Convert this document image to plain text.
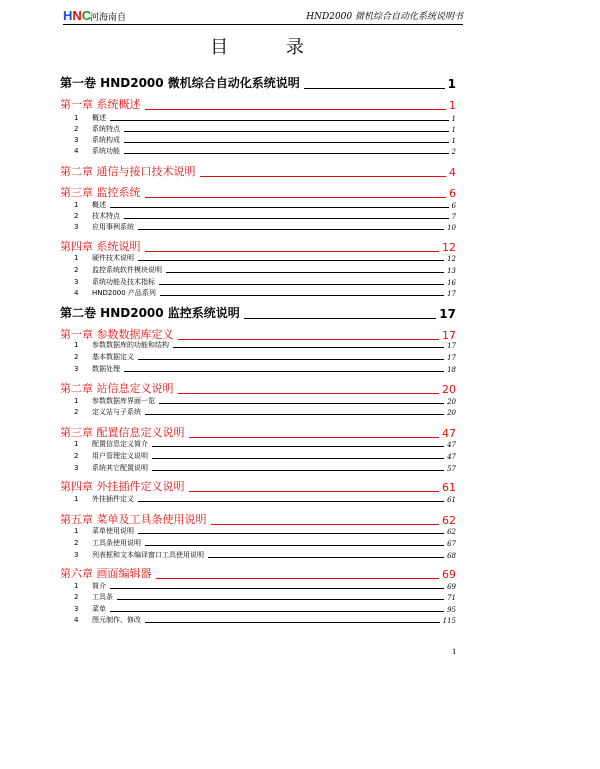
HNC
河海南自	HND2000 微机综合自动化系统说明书
目 录
第一卷 HND2000 微机综合自动化系统说明	1
第一章 系统概述	1
1 概述	1
2 系统特点	1
3 系统构成	1
4 系统功能	2
第二章 通信与接口技术说明	4
第三章 监控系统	6
1 概述	6
2 技术特点	7
3 应用事例系统	10
第四章 系统说明	12
1 硬件技术说明	12
2 监控系统软件模块说明	13
3 系统功能及技术指标	16
4 HND2000 产品系列	17
第二卷 HND2000 监控系统说明	17
第一章 参数数据库定义	17
1 参数数据库的功能和结构	17
2 基本数据定义	17
3 数据处理	18
第二章 站信息定义说明	20
1 参数数据库界面一览	20
2 定义站与子系统	20
第三章 配置信息定义说明	47
1 配置信息定义简介	47
2 用户管理定义说明	47
3 系统其它配置说明	57
第四章 外挂插件定义说明	61
1 外挂插件定义	61
第五章 菜单及工具条使用说明	62
1 菜单使用说明	62
2 工具条使用说明	67
3 列表框和文本编译窗口工具使用说明	68
第六章 画面编辑器	69
1 简介	69
2 工具条	71
3 菜单	95
4 图元制作、修改	115
1
